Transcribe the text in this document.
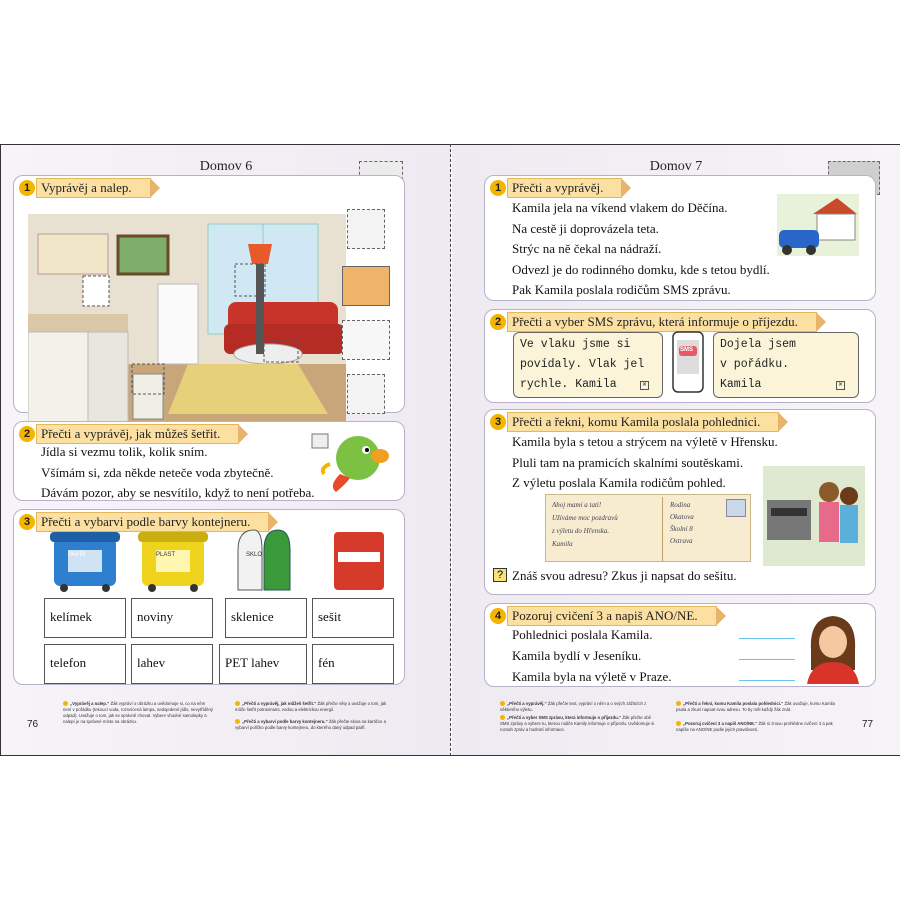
Domov 6
1 Vyprávěj a nalep.
2 Přečti a vyprávěj, jak můžeš šetřit.
Jídla si vezmu tolik, kolik sním.
Všímám si, zda někde neteče voda zbytečně.
Dávám pozor, aby se nesvítilo, když to není potřeba.
3 Přečti a vybarvi podle barvy kontejneru.
PAPÍR	PLAST	SKLO
kelímek	noviny	sklenice	sešit
telefon	lahev	PET lahev	fén
76
„Vyprávěj a nalep.“ Žák vypráví o obrázku a uvědomuje si, co na něm není v pořádku (tekoucí voda, rozsvícená lampa, nedojedené jídlo, nevytříděný odpad). Uvažuje o tom, jak se správně chovat. Vybere vhodné samolepky a nalepí je na správné místo na obrázku.
„Přečti a vyprávěj, jak můžeš šetřit.“ Žák přečte věty a uvažuje o tom, jak může šetřit potravinami, vodou a elektrickou energií.
„Přečti a vybarvi podle barvy kontejneru.“ Žák přečte slova na kartičce a vybarví políčko podle barvy kontejneru, do kterého daný odpad patří.
Domov 7
1 Přečti a vyprávěj.
Kamila jela na víkend vlakem do Děčína.
Na cestě ji doprovázela teta.
Strýc na ně čekal na nádraží.
Odvezl je do rodinného domku, kde s tetou bydlí.
Pak Kamila poslala rodičům SMS zprávu.
2 Přečti a vyber SMS zprávu, která informuje o příjezdu.
Ve vlaku jsme si
povídaly. Vlak jel
rychle. Kamila	✕
SMS Dojela jsem
v pořádku.
Kamila	✕
3 Přečti a řekni, komu Kamila poslala pohlednici.
Kamila byla s tetou a strýcem na výletě v Hřensku.
Pluli tam na pramicích skalními soutěskami.
Z výletu poslala Kamila rodičům pohled.
Ahoj mami a tati!
Užíváme moc pozdravů
z výletu do Hřenska.
Kamila
Rodina
Okatova
Školní 8
Ostrava
? Znáš svou adresu? Zkus ji napsat do sešitu.
4 Pozoruj cvičení 3 a napiš ANO/NE.
Pohlednici poslala Kamila.
Kamila bydlí v Jeseníku.
Kamila byla na výletě v Praze.
77
„Přečti a vyprávěj.“ Žák přečte text, vypráví o něm a o svých zážitcích z některého výletu.
„Přečti a vyber SMS zprávu, která informuje o příjezdu.“ Žák přečte obě SMS zprávy a vybere tu, kterou rodiče Kamily informuje o příjezdu. Uvědomuje si rozsah zpráv a hodnotí informace.
„Přečti a řekni, komu Kamila poslala pohlednici.“ Žák uvažuje, komu Kamila psala a zkusí napsat svou adresu. To by měl každý žák znát.
„Pozoruj cvičení 3 a napiš ANO/NE.“ Žák si znovu prohlédne cvičení 3 a pak napíše na ANO/NE podle jejich pravdivosti.
